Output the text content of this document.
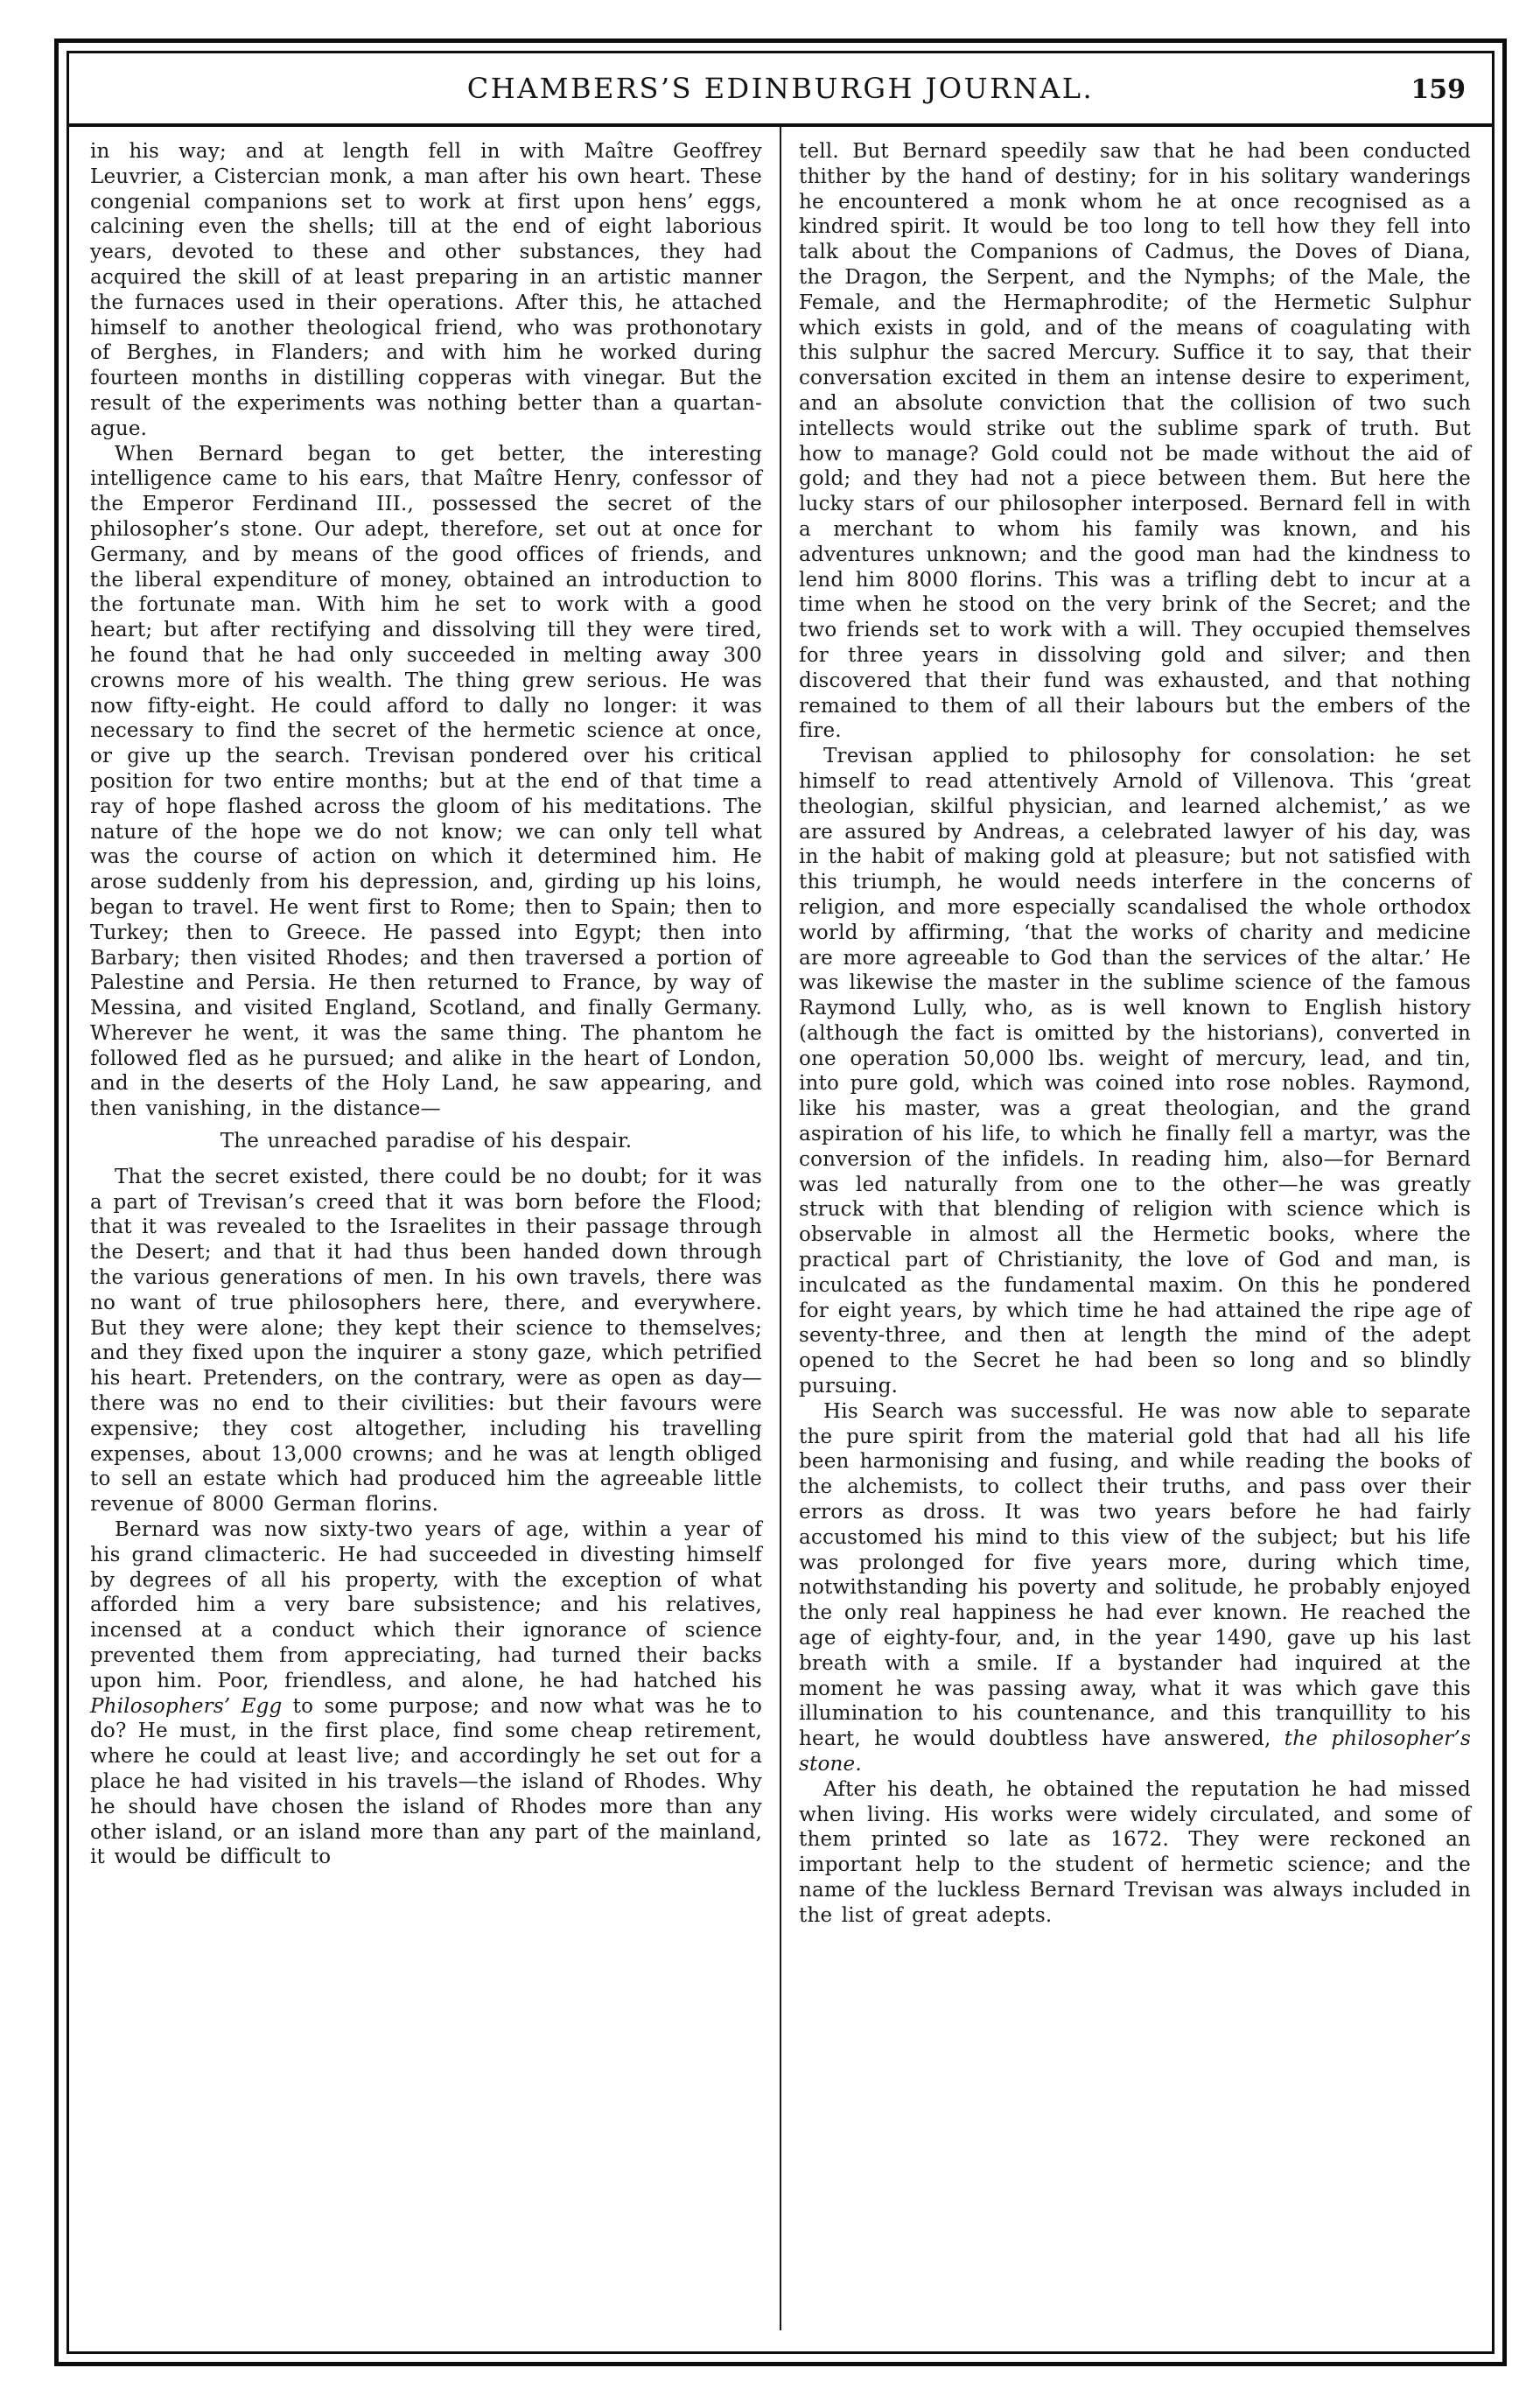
CHAMBERS’S EDINBURGH JOURNAL.	159

in his way; and at length fell in with Maître Geoffrey Leuvrier, a Cistercian monk, a man after his own heart. These congenial companions set to work at first upon hens’ eggs, calcining even the shells; till at the end of eight laborious years, devoted to these and other substances, they had acquired the skill of at least preparing in an artistic manner the furnaces used in their operations. After this, he attached himself to another theological friend, who was prothonotary of Berghes, in Flanders; and with him he worked during fourteen months in distilling copperas with vinegar. But the result of the experiments was nothing better than a quartan-ague.

When Bernard began to get better, the interesting intelligence came to his ears, that Maître Henry, confessor of the Emperor Ferdinand III., possessed the secret of the philosopher’s stone. Our adept, therefore, set out at once for Germany, and by means of the good offices of friends, and the liberal expenditure of money, obtained an introduction to the fortunate man. With him he set to work with a good heart; but after rectifying and dissolving till they were tired, he found that he had only succeeded in melting away 300 crowns more of his wealth. The thing grew serious. He was now fifty-eight. He could afford to dally no longer: it was necessary to find the secret of the hermetic science at once, or give up the search. Trevisan pondered over his critical position for two entire months; but at the end of that time a ray of hope flashed across the gloom of his meditations. The nature of the hope we do not know; we can only tell what was the course of action on which it determined him. He arose suddenly from his depression, and, girding up his loins, began to travel. He went first to Rome; then to Spain; then to Turkey; then to Greece. He passed into Egypt; then into Barbary; then visited Rhodes; and then traversed a portion of Palestine and Persia. He then returned to France, by way of Messina, and visited England, Scotland, and finally Germany. Wherever he went, it was the same thing. The phantom he followed fled as he pursued; and alike in the heart of London, and in the deserts of the Holy Land, he saw appearing, and then vanishing, in the distance—

The unreached paradise of his despair.

That the secret existed, there could be no doubt; for it was a part of Trevisan’s creed that it was born before the Flood; that it was revealed to the Israelites in their passage through the Desert; and that it had thus been handed down through the various generations of men. In his own travels, there was no want of true philosophers here, there, and everywhere. But they were alone; they kept their science to themselves; and they fixed upon the inquirer a stony gaze, which petrified his heart. Pretenders, on the contrary, were as open as day—there was no end to their civilities: but their favours were expensive; they cost altogether, including his travelling expenses, about 13,000 crowns; and he was at length obliged to sell an estate which had produced him the agreeable little revenue of 8000 German florins.

Bernard was now sixty-two years of age, within a year of his grand climacteric. He had succeeded in divesting himself by degrees of all his property, with the exception of what afforded him a very bare subsistence; and his relatives, incensed at a conduct which their ignorance of science prevented them from appreciating, had turned their backs upon him. Poor, friendless, and alone, he had hatched his Philosophers’ Egg to some purpose; and now what was he to do? He must, in the first place, find some cheap retirement, where he could at least live; and accordingly he set out for a place he had visited in his travels—the island of Rhodes. Why he should have chosen the island of Rhodes more than any other island, or an island more than any part of the mainland, it would be difficult to

tell. But Bernard speedily saw that he had been conducted thither by the hand of destiny; for in his solitary wanderings he encountered a monk whom he at once recognised as a kindred spirit. It would be too long to tell how they fell into talk about the Companions of Cadmus, the Doves of Diana, the Dragon, the Serpent, and the Nymphs; of the Male, the Female, and the Hermaphrodite; of the Hermetic Sulphur which exists in gold, and of the means of coagulating with this sulphur the sacred Mercury. Suffice it to say, that their conversation excited in them an intense desire to experiment, and an absolute conviction that the collision of two such intellects would strike out the sublime spark of truth. But how to manage? Gold could not be made without the aid of gold; and they had not a piece between them. But here the lucky stars of our philosopher interposed. Bernard fell in with a merchant to whom his family was known, and his adventures unknown; and the good man had the kindness to lend him 8000 florins. This was a trifling debt to incur at a time when he stood on the very brink of the Secret; and the two friends set to work with a will. They occupied themselves for three years in dissolving gold and silver; and then discovered that their fund was exhausted, and that nothing remained to them of all their labours but the embers of the fire.

Trevisan applied to philosophy for consolation: he set himself to read attentively Arnold of Villenova. This ‘great theologian, skilful physician, and learned alchemist,’ as we are assured by Andreas, a celebrated lawyer of his day, was in the habit of making gold at pleasure; but not satisfied with this triumph, he would needs interfere in the concerns of religion, and more especially scandalised the whole orthodox world by affirming, ‘that the works of charity and medicine are more agreeable to God than the services of the altar.’ He was likewise the master in the sublime science of the famous Raymond Lully, who, as is well known to English history (although the fact is omitted by the historians), converted in one operation 50,000 lbs. weight of mercury, lead, and tin, into pure gold, which was coined into rose nobles. Raymond, like his master, was a great theologian, and the grand aspiration of his life, to which he finally fell a martyr, was the conversion of the infidels. In reading him, also—for Bernard was led naturally from one to the other—he was greatly struck with that blending of religion with science which is observable in almost all the Hermetic books, where the practical part of Christianity, the love of God and man, is inculcated as the fundamental maxim. On this he pondered for eight years, by which time he had attained the ripe age of seventy-three, and then at length the mind of the adept opened to the Secret he had been so long and so blindly pursuing.

His Search was successful. He was now able to separate the pure spirit from the material gold that had all his life been harmonising and fusing, and while reading the books of the alchemists, to collect their truths, and pass over their errors as dross. It was two years before he had fairly accustomed his mind to this view of the subject; but his life was prolonged for five years more, during which time, notwithstanding his poverty and solitude, he probably enjoyed the only real happiness he had ever known. He reached the age of eighty-four, and, in the year 1490, gave up his last breath with a smile. If a bystander had inquired at the moment he was passing away, what it was which gave this illumination to his countenance, and this tranquillity to his heart, he would doubtless have answered, the philosopher’s stone.

After his death, he obtained the reputation he had missed when living. His works were widely circulated, and some of them printed so late as 1672. They were reckoned an important help to the student of hermetic science; and the name of the luckless Bernard Trevisan was always included in the list of great adepts.
